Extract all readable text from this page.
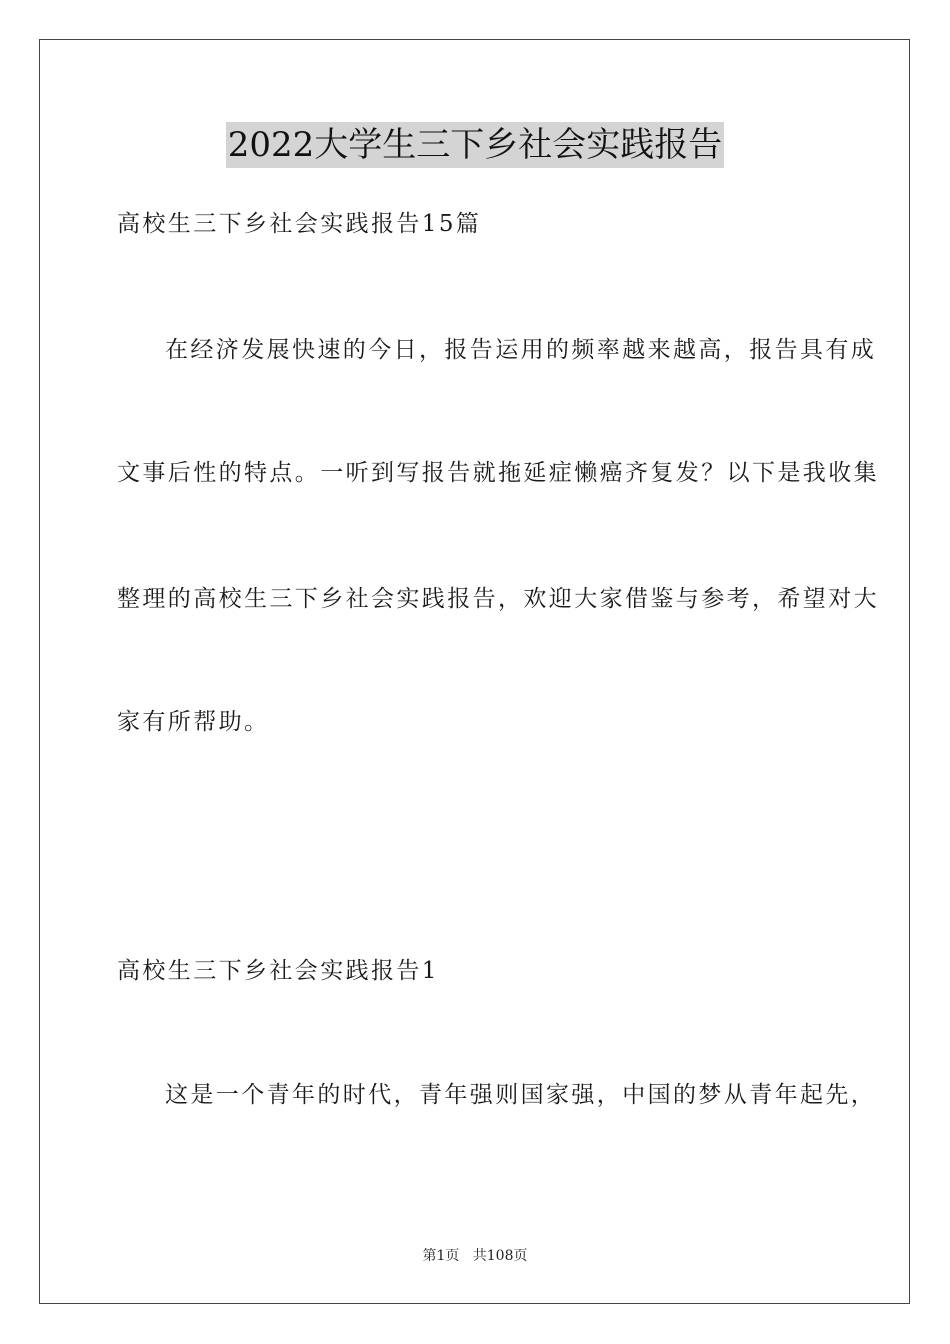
2022大学生三下乡社会实践报告
高校生三下乡社会实践报告15篇
在经济发展快速的今日，报告运用的频率越来越高，报告具有成
文事后性的特点。一听到写报告就拖延症懒癌齐复发？以下是我收集
整理的高校生三下乡社会实践报告，欢迎大家借鉴与参考，希望对大
家有所帮助。
高校生三下乡社会实践报告1
这是一个青年的时代，青年强则国家强，中国的梦从青年起先，
第1页 共108页
